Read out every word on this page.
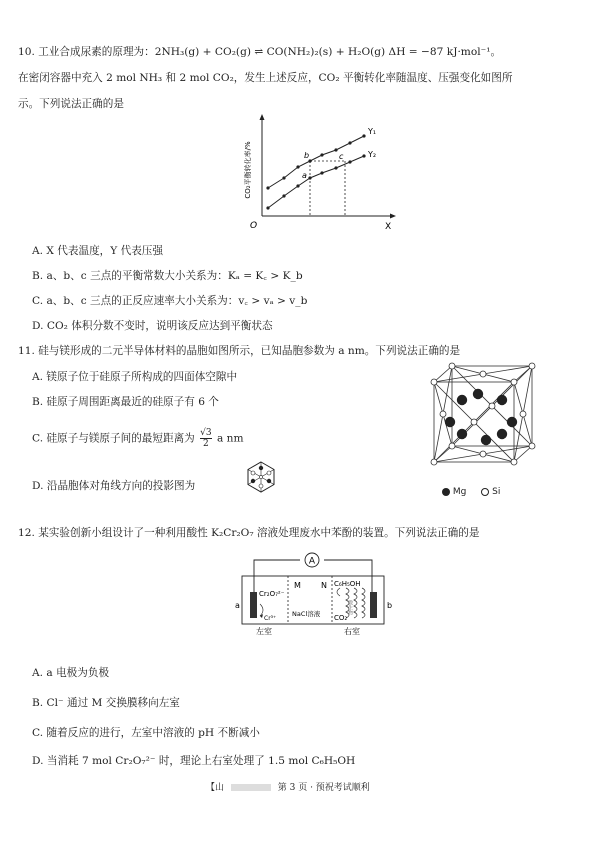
10. 工业合成尿素的原理为：2NH₃(g) + CO₂(g) ⇌ CO(NH₂)₂(s) + H₂O(g) ΔH = −87 kJ·mol⁻¹。
在密闭容器中充入 2 mol NH₃ 和 2 mol CO₂，发生上述反应，CO₂ 平衡转化率随温度、压强变化如图所
示。下列说法正确的是
CO₂平衡转化率/%
X
O
Y₁
Y₂
a
b	c
A. X 代表温度，Y 代表压强
B. a、b、c 三点的平衡常数大小关系为：Kₐ = K꜀ > K_b
C. a、b、c 三点的正反应速率大小关系为：v꜀ > vₐ > v_b
D. CO₂ 体积分数不变时，说明该反应达到平衡状态
11. 硅与镁形成的二元半导体材料的晶胞如图所示，已知晶胞参数为 a nm。下列说法正确的是
A. 镁原子位于硅原子所构成的四面体空隙中
B. 硅原子周围距离最近的硅原子有 6 个
C. 硅原子与镁原子间的最短距离为 $\frac{√3}{2}$ a nm
D. 沿晶胞体对角线方向的投影图为	Mg	Si
12. 某实验创新小组设计了一种利用酸性 K₂Cr₂O₇ 溶液处理废水中苯酚的装置。下列说法正确的是
A
a	b
M	N
Cr₂O₇²⁻
Cr³⁺
C₆H₅OH
CO₂
NaCl溶液	微生物
左室	右室
A. a 电极为负极
B. Cl⁻ 通过 M 交换膜移向左室
C. 随着反应的进行，左室中溶液的 pH 不断减小
D. 当消耗 7 mol Cr₂O₇²⁻ 时，理论上右室处理了 1.5 mol C₆H₅OH
【山	第 3 页 · 预祝考试顺利
